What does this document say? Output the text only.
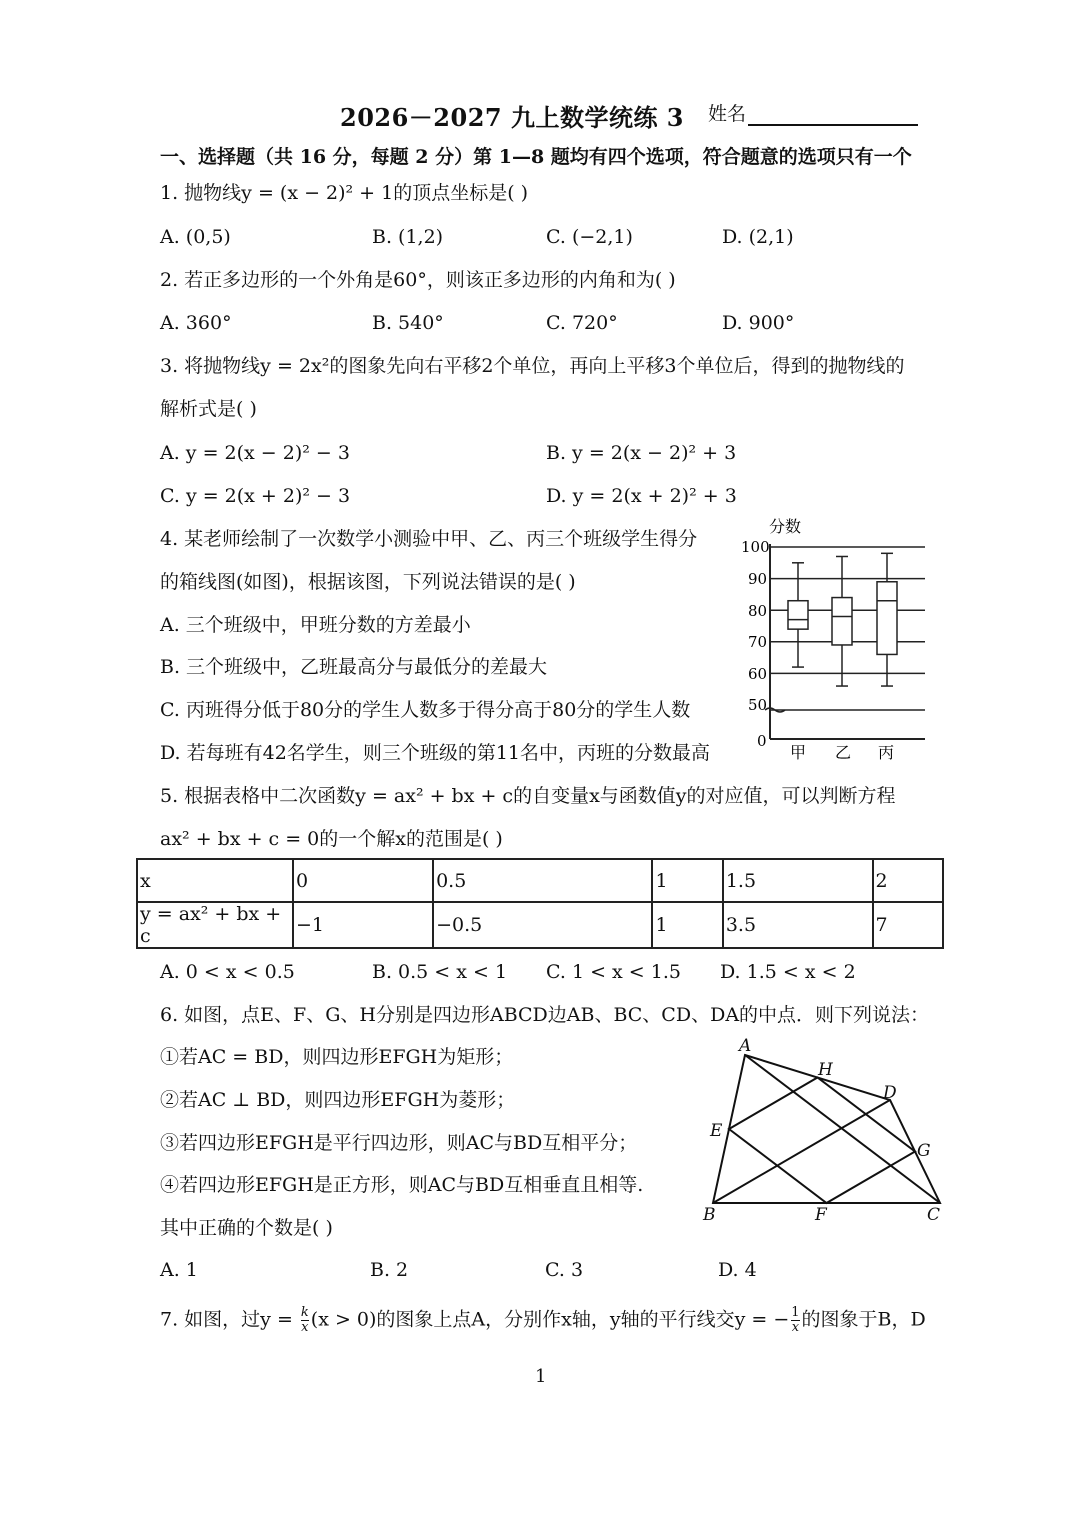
2026－2027 九上数学统练 3 姓名
一、选择题（共 16 分，每题 2 分）第 1—8 题均有四个选项，符合题意的选项只有一个
1. 抛物线y = (x − 2)² + 1的顶点坐标是( )
A. (0,5)	B. (1,2)	C. (−2,1)	D. (2,1)
2. 若正多边形的一个外角是60°，则该正多边形的内角和为( )
A. 360°	B. 540°	C. 720°	D. 900°
3. 将抛物线y = 2x²的图象先向右平移2个单位，再向上平移3个单位后，得到的抛物线的
解析式是( )
A. y = 2(x − 2)² − 3	B. y = 2(x − 2)² + 3
C. y = 2(x + 2)² − 3	D. y = 2(x + 2)² + 3
4. 某老师绘制了一次数学小测验中甲、乙、丙三个班级学生得分
的箱线图(如图)，根据该图，下列说法错误的是( )
A. 三个班级中，甲班分数的方差最小
B. 三个班级中，乙班最高分与最低分的差最大
C. 丙班得分低于80分的学生人数多于得分高于80分的学生人数
D. 若每班有42名学生，则三个班级的第11名中，丙班的分数最高
分数
100
90
80
70
60
50
0
甲 乙 丙
5. 根据表格中二次函数y = ax² + bx + c的自变量x与函数值y的对应值，可以判断方程
ax² + bx + c = 0的一个解x的范围是( )
x	0	0.5	1	1.5	2
y = ax² + bx + c	−1	−0.5	1	3.5	7
A. 0 < x < 0.5	B. 0.5 < x < 1 C. 1 < x < 1.5 D. 1.5 < x < 2
6. 如图，点E、F、G、H分别是四边形ABCD边AB、BC、CD、DA的中点．则下列说法：
①若AC = BD，则四边形EFGH为矩形；
②若AC ⊥ BD，则四边形EFGH为菱形；
③若四边形EFGH是平行四边形，则AC与BD互相平分；
④若四边形EFGH是正方形，则AC与BD互相垂直且相等.
其中正确的个数是( )
A. 1	B. 2	C. 3	D. 4
A
H
D
E
G
B	F	C
7. 如图，过$y = \frac{k}{x} (x > 0)$的图象上点A，分别作x轴，y轴的平行线交y = − $\frac{1}{x}$ 的图象于B，D
1
